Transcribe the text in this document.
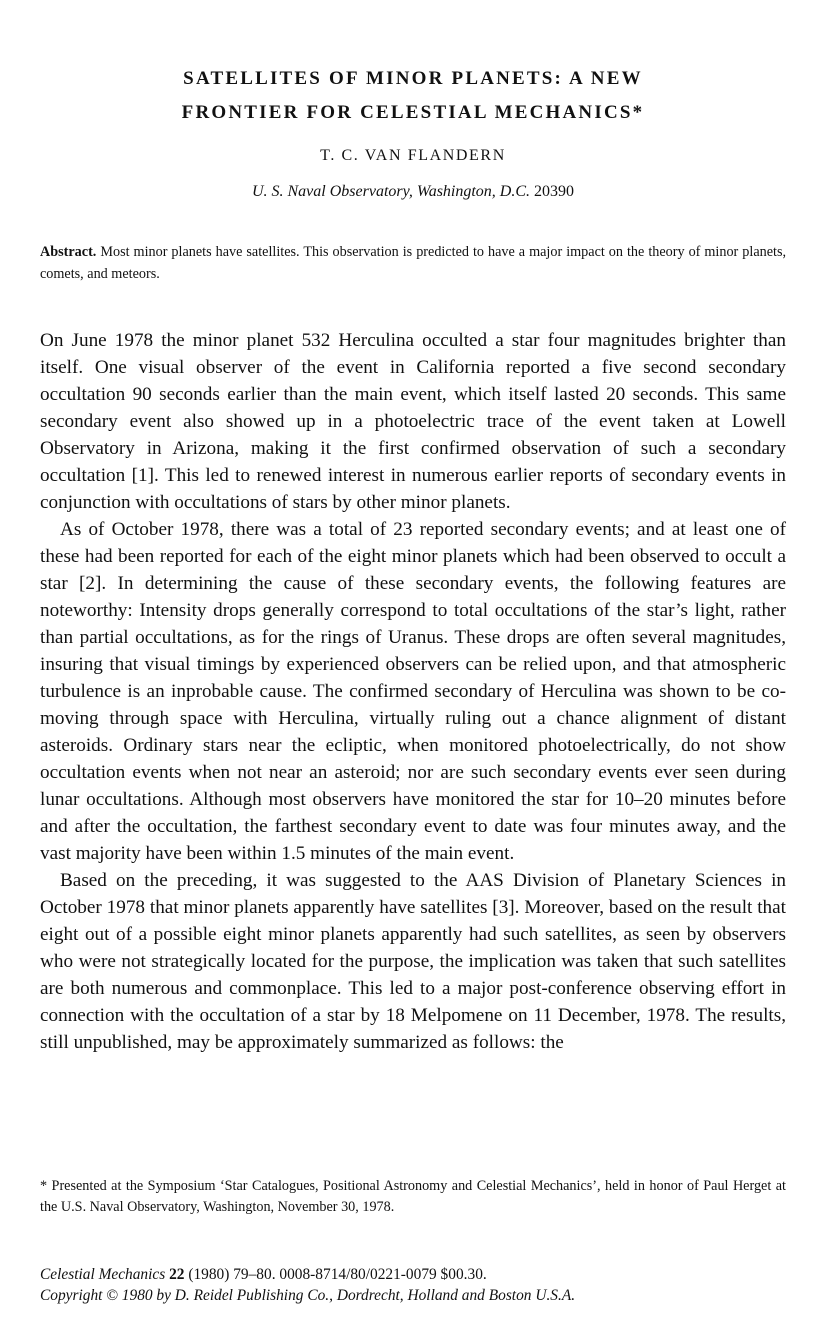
SATELLITES OF MINOR PLANETS: A NEW
FRONTIER FOR CELESTIAL MECHANICS*
T. C. VAN FLANDERN
U. S. Naval Observatory, Washington, D.C. 20390
Abstract. Most minor planets have satellites. This observation is predicted to have a major impact on the theory of minor planets, comets, and meteors.

On June 1978 the minor planet 532 Herculina occulted a star four magnitudes brighter than itself. One visual observer of the event in California reported a five second secondary occultation 90 seconds earlier than the main event, which itself lasted 20 seconds. This same secondary event also showed up in a photoelectric trace of the event taken at Lowell Observatory in Arizona, making it the first confirmed observation of such a secondary occultation [1]. This led to renewed interest in numerous earlier reports of secondary events in conjunction with occultations of stars by other minor planets.

As of October 1978, there was a total of 23 reported secondary events; and at least one of these had been reported for each of the eight minor planets which had been observed to occult a star [2]. In determining the cause of these secondary events, the following features are noteworthy: Intensity drops generally correspond to total occultations of the star’s light, rather than partial occultations, as for the rings of Uranus. These drops are often several magnitudes, insuring that visual timings by experienced observers can be relied upon, and that atmospheric turbulence is an inprobable cause. The confirmed secondary of Herculina was shown to be co-moving through space with Herculina, virtually ruling out a chance alignment of distant asteroids. Ordinary stars near the ecliptic, when monitored photoelectrically, do not show occultation events when not near an asteroid; nor are such secondary events ever seen during lunar occultations. Although most observers have monitored the star for 10–20 minutes before and after the occultation, the farthest secondary event to date was four minutes away, and the vast majority have been within 1.5 minutes of the main event.

Based on the preceding, it was suggested to the AAS Division of Planetary Sciences in October 1978 that minor planets apparently have satellites [3]. Moreover, based on the result that eight out of a possible eight minor planets apparently had such satellites, as seen by observers who were not strategically located for the purpose, the implication was taken that such satellites are both numerous and commonplace. This led to a major post-conference observing effort in connection with the occultation of a star by 18 Melpomene on 11 December, 1978. The results, still unpublished, may be approximately summarized as follows: the

* Presented at the Symposium ‘Star Catalogues, Positional Astronomy and Celestial Mechanics’, held in honor of Paul Herget at the U.S. Naval Observatory, Washington, November 30, 1978.
Celestial Mechanics 22 (1980) 79–80. 0008-8714/80/0221-0079 $00.30.
Copyright © 1980 by D. Reidel Publishing Co., Dordrecht, Holland and Boston U.S.A.
